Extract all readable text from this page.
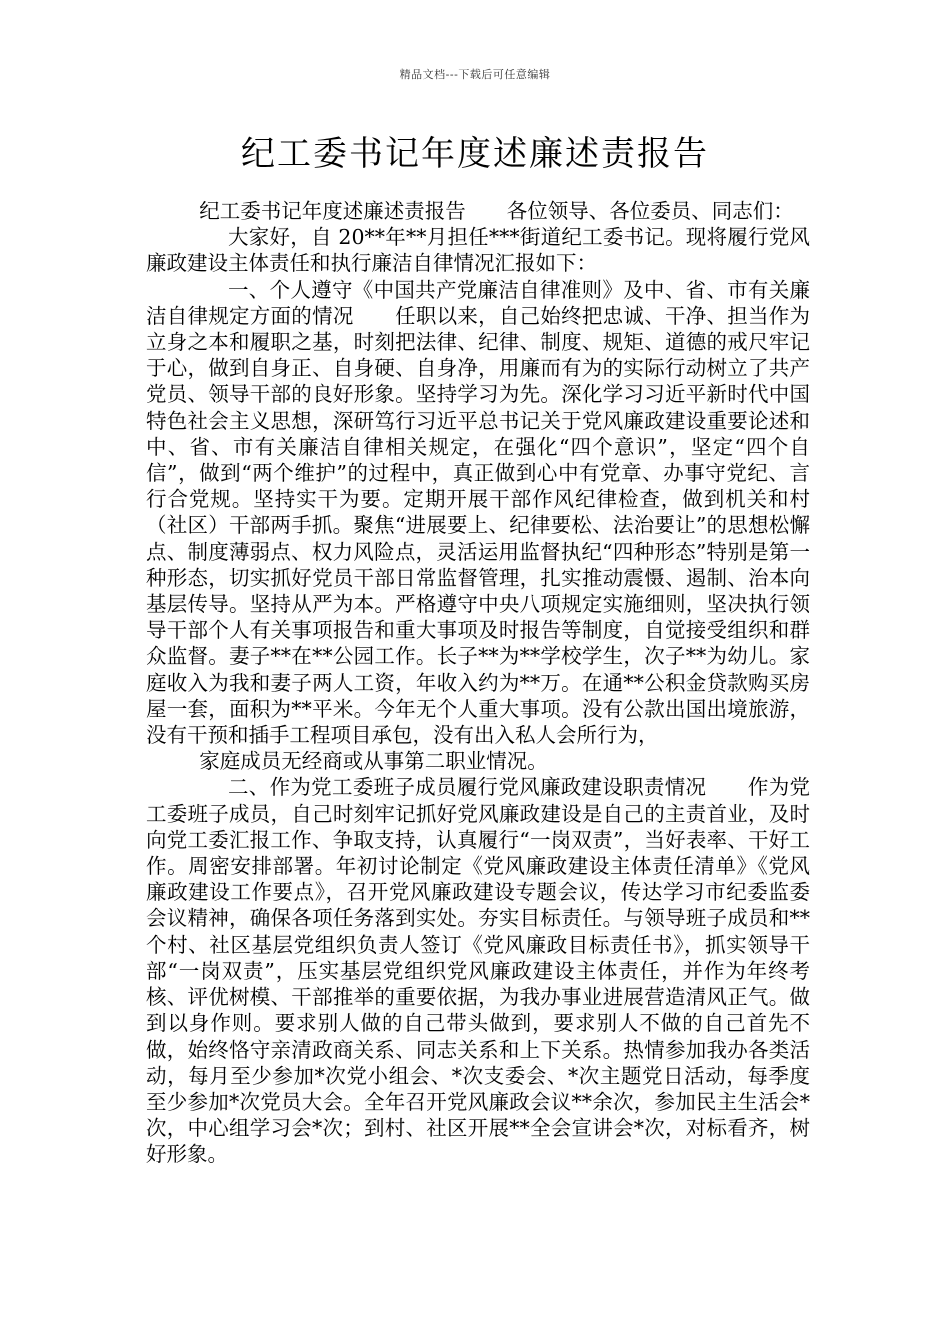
精品文档---下载后可任意编辑
纪工委书记年度述廉述责报告

纪工委书记年度述廉述责报告　　各位领导、各位委员、同志们：

大家好，自 20**年**月担任***街道纪工委书记。现将履行党风廉政建设主体责任和执行廉洁自律情况汇报如下：

一、个人遵守《中国共产党廉洁自律准则》及中、省、市有关廉洁自律规定方面的情况　　任职以来，自己始终把忠诚、干净、担当作为立身之本和履职之基，时刻把法律、纪律、制度、规矩、道德的戒尺牢记于心，做到自身正、自身硬、自身净，用廉而有为的实际行动树立了共产党员、领导干部的良好形象。坚持学习为先。深化学习习近平新时代中国特色社会主义思想，深研笃行习近平总书记关于党风廉政建设重要论述和中、省、市有关廉洁自律相关规定，在强化“四个意识”，坚定“四个自信”，做到“两个维护”的过程中，真正做到心中有党章、办事守党纪、言行合党规。坚持实干为要。定期开展干部作风纪律检查，做到机关和村（社区）干部两手抓。聚焦“进展要上、纪律要松、法治要让”的思想松懈点、制度薄弱点、权力风险点，灵活运用监督执纪“四种形态”特别是第一种形态，切实抓好党员干部日常监督管理，扎实推动震慑、遏制、治本向基层传导。坚持从严为本。严格遵守中央八项规定实施细则，坚决执行领导干部个人有关事项报告和重大事项及时报告等制度，自觉接受组织和群众监督。妻子**在**公园工作。长子**为**学校学生，次子**为幼儿。家庭收入为我和妻子两人工资，年收入约为**万。在通**公积金贷款购买房屋一套，面积为**平米。今年无个人重大事项。没有公款出国出境旅游，没有干预和插手工程项目承包，没有出入私人会所行为，

家庭成员无经商或从事第二职业情况。

二、作为党工委班子成员履行党风廉政建设职责情况　　作为党工委班子成员，自己时刻牢记抓好党风廉政建设是自己的主责首业，及时向党工委汇报工作、争取支持，认真履行“一岗双责”，当好表率、干好工作。周密安排部署。年初讨论制定《党风廉政建设主体责任清单》《党风廉政建设工作要点》，召开党风廉政建设专题会议，传达学习市纪委监委会议精神，确保各项任务落到实处。夯实目标责任。与领导班子成员和**个村、社区基层党组织负责人签订《党风廉政目标责任书》，抓实领导干部“一岗双责”，压实基层党组织党风廉政建设主体责任，并作为年终考核、评优树模、干部推举的重要依据，为我办事业进展营造清风正气。做到以身作则。要求别人做的自己带头做到，要求别人不做的自己首先不做，始终恪守亲清政商关系、同志关系和上下关系。热情参加我办各类活动，每月至少参加*次党小组会、*次支委会、*次主题党日活动，每季度至少参加*次党员大会。全年召开党风廉政会议**余次，参加民主生活会*次，中心组学习会*次；到村、社区开展**全会宣讲会*次，对标看齐，树好形象。
